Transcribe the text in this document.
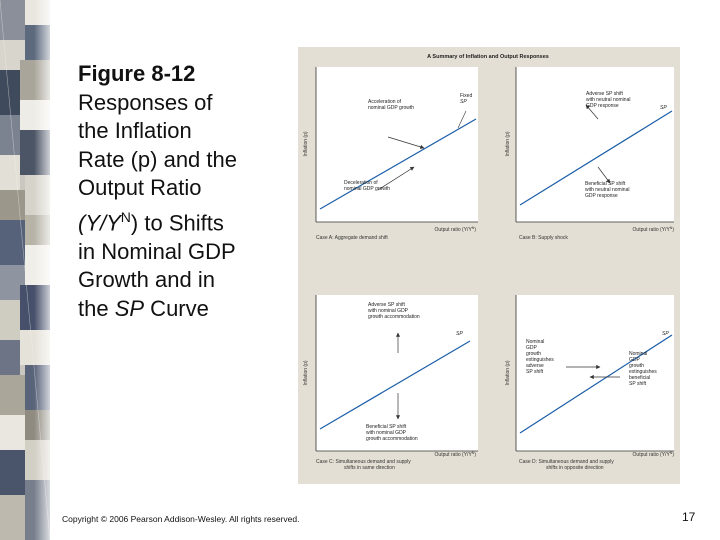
Figure 8-12
Responses of
the Inflation
Rate (p) and the
Output Ratio
$(Y/Y^N)$ to Shifts
in Nominal GDP
Growth and in
the SP Curve
A Summary of Inflation and Output Responses
Inflation (p)
Output ratio $(Y/Y^N)$
Acceleration of
nominal GDP growth
Fixed
SP
Deceleration of
nominal GDP growth
Case A: Aggregate demand shift
Inflation (p)
Output ratio $(Y/Y^N)$
Adverse SP shift
with neutral nominal
GDP response	SP
Beneficial SP shift
with neutral nominal
GDP response
Case B: Supply shock
Inflation (p)
Output ratio $(Y/Y^N)$
Adverse SP shift
with nominal GDP
growth accommodation
SP
Beneficial SP shift
with nominal GDP
growth accommodation
Case C: Simultaneous demand and supply
shifts in same direction
Inflation (p)
Output ratio $(Y/Y^N)$
SP
Nominal
GDP
growth
extinguishes
adverse
SP shift
Nominal
GDP
growth
extinguishes
beneficial
SP shift
Case D: Simultaneous demand and supply
shifts in opposite direction
Copyright © 2006 Pearson Addison-Wesley. All rights reserved.	17
